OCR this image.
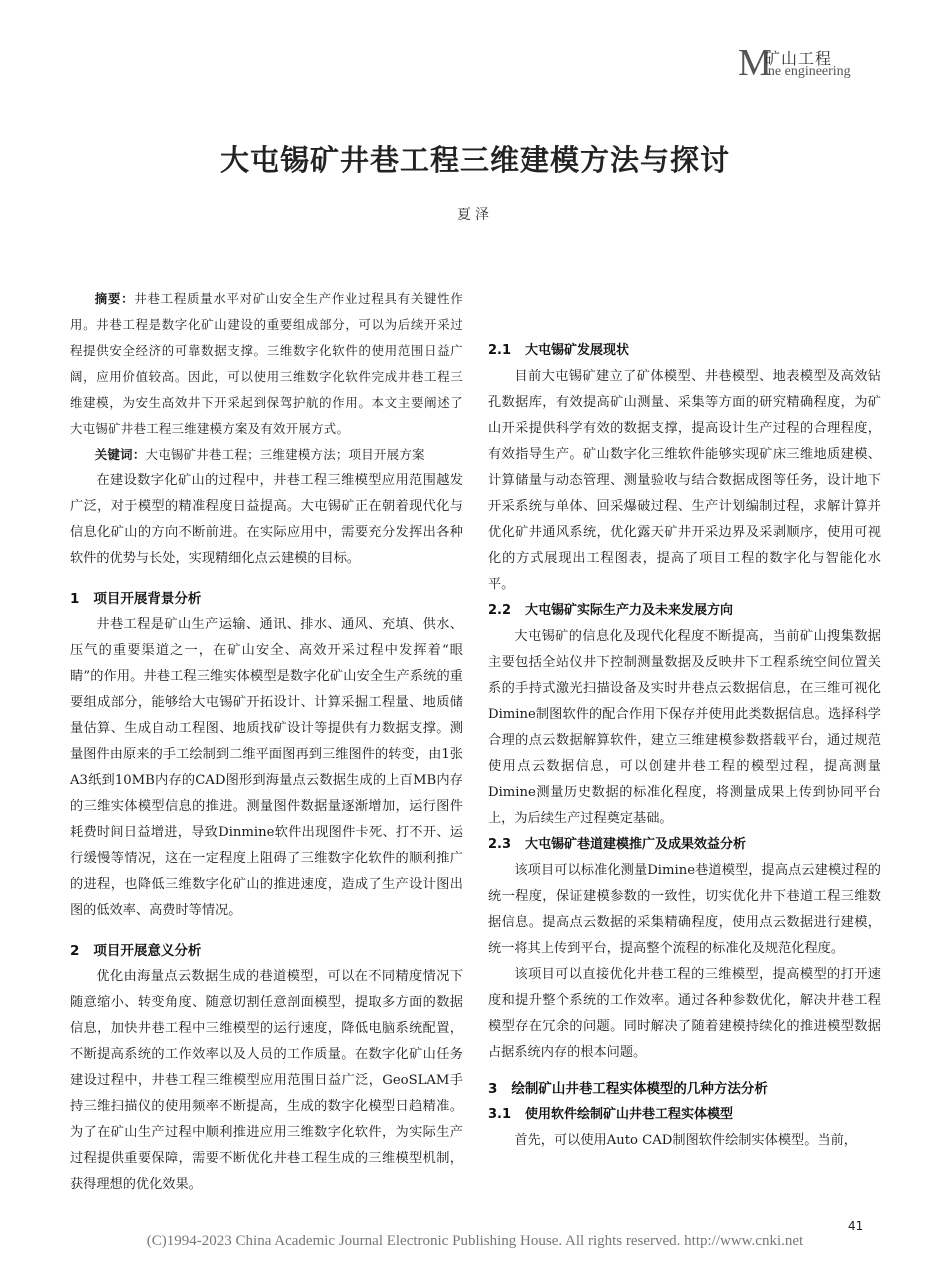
M
矿山工程
ine engineering
大屯锡矿井巷工程三维建模方法与探讨
夏泽

摘要：井巷工程质量水平对矿山安全生产作业过程具有关键性作用。井巷工程是数字化矿山建设的重要组成部分，可以为后续开采过程提供安全经济的可靠数据支撑。三维数字化软件的使用范围日益广阔，应用价值较高。因此，可以使用三维数字化软件完成井巷工程三维建模，为安生高效井下开采起到保驾护航的作用。本文主要阐述了大屯锡矿井巷工程三维建模方案及有效开展方式。

关键词：大屯锡矿井巷工程；三维建模方法；项目开展方案

在建设数字化矿山的过程中，井巷工程三维模型应用范围越发广泛，对于模型的精准程度日益提高。大屯锡矿正在朝着现代化与信息化矿山的方向不断前进。在实际应用中，需要充分发挥出各种软件的优势与长处，实现精细化点云建模的目标。

1 项目开展背景分析

井巷工程是矿山生产运输、通讯、排水、通风、充填、供水、压气的重要渠道之一，在矿山安全、高效开采过程中发挥着“眼睛”的作用。井巷工程三维实体模型是数字化矿山安全生产系统的重要组成部分，能够给大屯锡矿开拓设计、计算采掘工程量、地质储量估算、生成自动工程图、地质找矿设计等提供有力数据支撑。测量图件由原来的手工绘制到二维平面图再到三维图件的转变，由1张A3纸到10MB内存的CAD图形到海量点云数据生成的上百MB内存的三维实体模型信息的推进。测量图件数据量逐渐增加，运行图件耗费时间日益增进，导致Dinmine软件出现图件卡死、打不开、运行缓慢等情况，这在一定程度上阻碍了三维数字化软件的顺利推广的进程，也降低三维数字化矿山的推进速度，造成了生产设计图出图的低效率、高费时等情况。

2 项目开展意义分析

优化由海量点云数据生成的巷道模型，可以在不同精度情况下随意缩小、转变角度、随意切割任意剖面模型，提取多方面的数据信息，加快井巷工程中三维模型的运行速度，降低电脑系统配置，不断提高系统的工作效率以及人员的工作质量。在数字化矿山任务建设过程中，井巷工程三维模型应用范围日益广泛，GeoSLAM手持三维扫描仪的使用频率不断提高，生成的数字化模型日趋精准。为了在矿山生产过程中顺利推进应用三维数字化软件，为实际生产过程提供重要保障，需要不断优化井巷工程生成的三维模型机制，获得理想的优化效果。

2.1 大屯锡矿发展现状

目前大屯锡矿建立了矿体模型、井巷模型、地表模型及高效钻孔数据库，有效提高矿山测量、采集等方面的研究精确程度，为矿山开采提供科学有效的数据支撑，提高设计生产过程的合理程度，有效指导生产。矿山数字化三维软件能够实现矿床三维地质建模、计算储量与动态管理、测量验收与结合数据成图等任务，设计地下开采系统与单体、回采爆破过程、生产计划编制过程，求解计算并优化矿井通风系统，优化露天矿井开采边界及采剥顺序，使用可视化的方式展现出工程图表，提高了项目工程的数字化与智能化水平。

2.2 大屯锡矿实际生产力及未来发展方向

大屯锡矿的信息化及现代化程度不断提高，当前矿山搜集数据主要包括全站仪井下控制测量数据及反映井下工程系统空间位置关系的手持式激光扫描设备及实时井巷点云数据信息，在三维可视化Dimine制图软件的配合作用下保存并使用此类数据信息。选择科学合理的点云数据解算软件，建立三维建模参数搭载平台，通过规范使用点云数据信息，可以创建井巷工程的模型过程，提高测量Dimine测量历史数据的标准化程度，将测量成果上传到协同平台上，为后续生产过程奠定基础。

2.3 大屯锡矿巷道建模推广及成果效益分析

该项目可以标准化测量Dimine巷道模型，提高点云建模过程的统一程度，保证建模参数的一致性，切实优化井下巷道工程三维数据信息。提高点云数据的采集精确程度，使用点云数据进行建模，统一将其上传到平台，提高整个流程的标准化及规范化程度。

该项目可以直接优化井巷工程的三维模型，提高模型的打开速度和提升整个系统的工作效率。通过各种参数优化，解决井巷工程模型存在冗余的问题。同时解决了随着建模持续化的推进模型数据占据系统内存的根本问题。

3 绘制矿山井巷工程实体模型的几种方法分析
3.1 使用软件绘制矿山井巷工程实体模型

首先，可以使用Auto CAD制图软件绘制实体模型。当前，

41
(C)1994-2023 China Academic Journal Electronic Publishing House. All rights reserved. http://www.cnki.net
